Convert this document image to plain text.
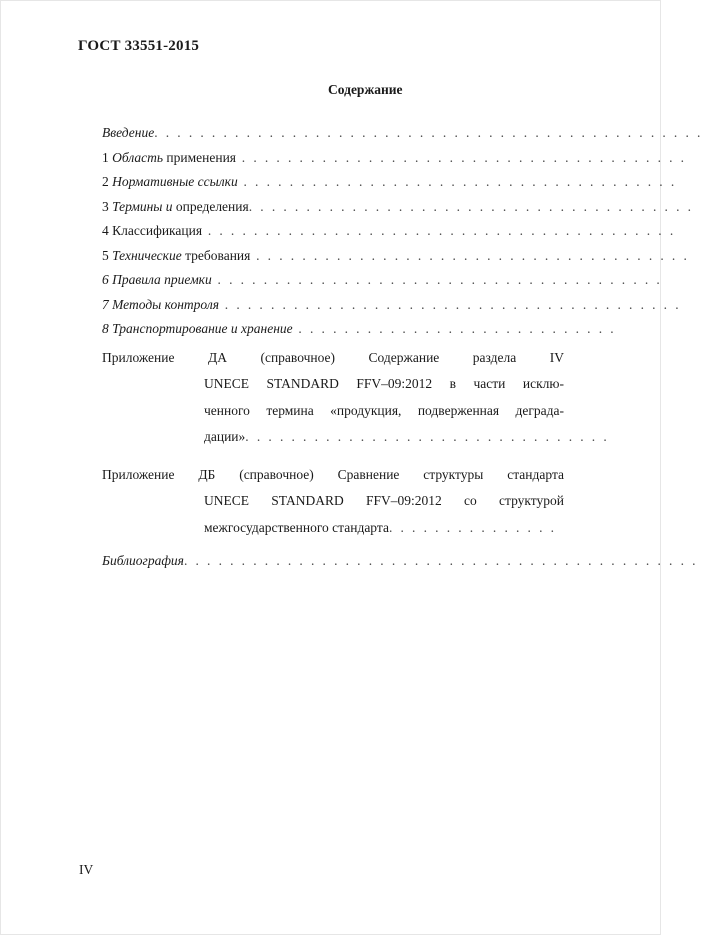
ГОСТ 33551-2015
Содержание
Введение. . . . . . . . . . . . . . . . . . . . . . . . . . . . . . . . . . . . . . . . . . . . . . . .
1 Область применения . . . . . . . . . . . . . . . . . . . . . . . . . . . . . . . . . . . . . . .
2 Нормативные ссылки . . . . . . . . . . . . . . . . . . . . . . . . . . . . . . . . . . . . . .
3 Термины и определения. . . . . . . . . . . . . . . . . . . . . . . . . . . . . . . . . . . . . . .
4 Классификация . . . . . . . . . . . . . . . . . . . . . . . . . . . . . . . . . . . . . . . . .
5 Технические требования . . . . . . . . . . . . . . . . . . . . . . . . . . . . . . . . . . . . . .
6 Правила приемки . . . . . . . . . . . . . . . . . . . . . . . . . . . . . . . . . . . . . . .
7 Методы контроля . . . . . . . . . . . . . . . . . . . . . . . . . . . . . . . . . . . . . . . .
8 Транспортирование и хранение . . . . . . . . . . . . . . . . . . . . . . . . . . . .
Приложение ДА (справочное) Содержание раздела IV
UNECE STANDARD FFV–09:2012 в части исклю-
ченного термина «продукция, подверженная деграда-
дации». . . . . . . . . . . . . . . . . . . . . . . . . . . . . . . .
Приложение ДБ (справочное) Сравнение структуры стандарта
UNECE STANDARD FFV–09:2012 со структурой
межгосударственного стандарта. . . . . . . . . . . . . . .
Библиография. . . . . . . . . . . . . . . . . . . . . . . . . . . . . . . . . . . . . . . . . . . . .
IV
